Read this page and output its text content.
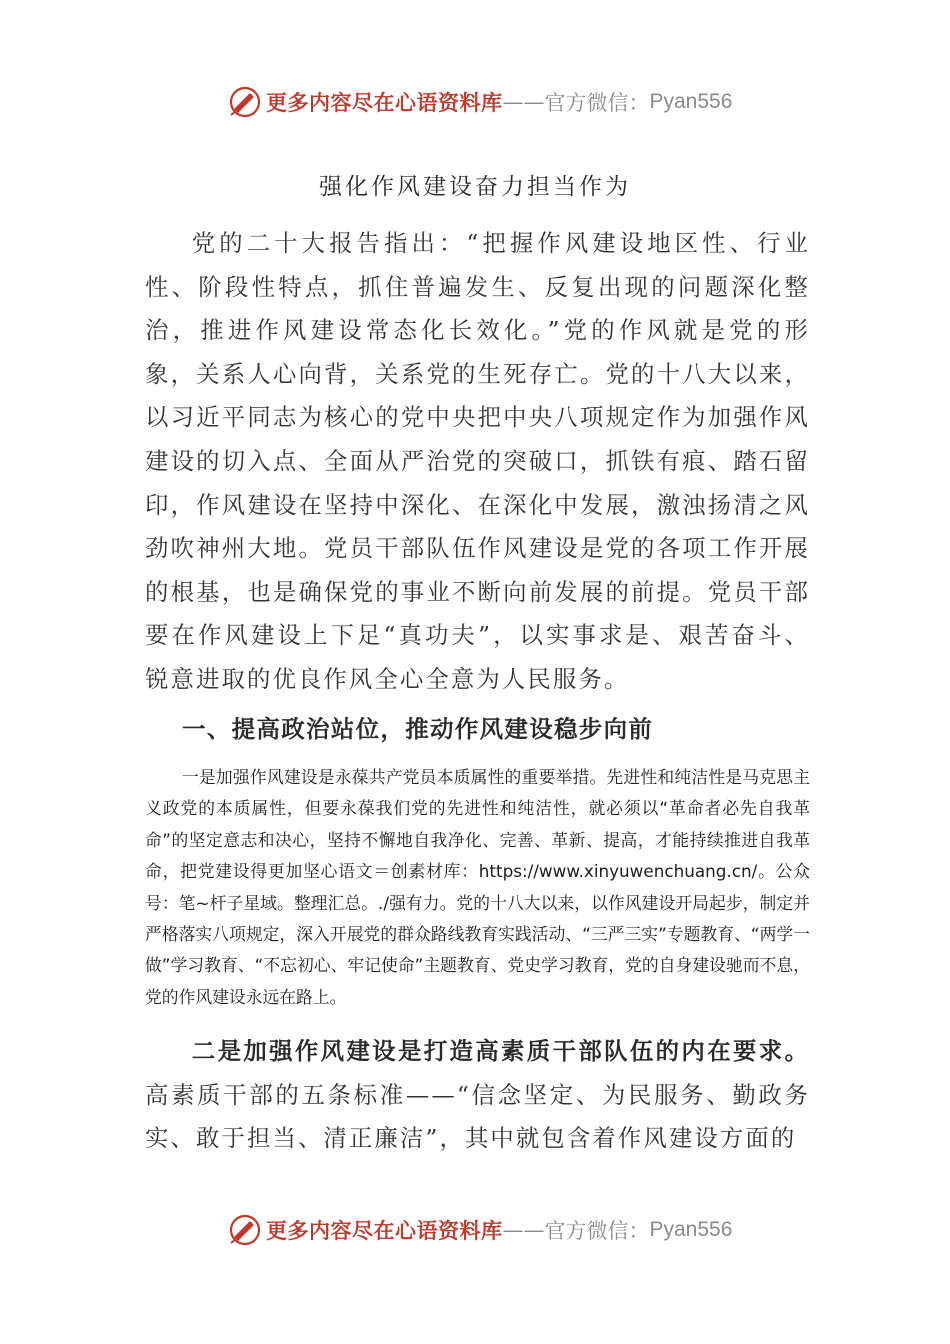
更多内容尽在心语资料库 —— 官方微信： Pyan556
强化作风建设奋力担当作为

党的二十大报告指出：“把握作风建设地区性、行业性、阶段性特点，抓住普遍发生、反复出现的问题深化整治，推进作风建设常态化长效化。”党的作风就是党的形象，关系人心向背，关系党的生死存亡。党的十八大以来，以习近平同志为核心的党中央把中央八项规定作为加强作风建设的切入点、全面从严治党的突破口，抓铁有痕、踏石留印，作风建设在坚持中深化、在深化中发展，激浊扬清之风劲吹神州大地。党员干部队伍作风建设是党的各项工作开展的根基，也是确保党的事业不断向前发展的前提。党员干部要在作风建设上下足“真功夫”，以实事求是、艰苦奋斗、锐意进取的优良作风全心全意为人民服务。

一、提高政治站位，推动作风建设稳步向前

一是加强作风建设是永葆共产党员本质属性的重要举措。先进性和纯洁性是马克思主义政党的本质属性，但要永葆我们党的先进性和纯洁性，就必须以“革命者必先自我革命”的坚定意志和决心，坚持不懈地自我净化、完善、革新、提高，才能持续推进自我革命，把党建设得更加坚心语文＝创素材库：https://www.xinyuwenchuang.cn/。公众号：笔~杆子星域。整理汇总。./强有力。党的十八大以来，以作风建设开局起步，制定并严格落实八项规定，深入开展党的群众路线教育实践活动、“三严三实”专题教育、“两学一做”学习教育、“不忘初心、牢记使命”主题教育、党史学习教育，党的自身建设驰而不息，党的作风建设永远在路上。

二是加强作风建设是打造高素质干部队伍的内在要求。高素质干部的五条标准——“信念坚定、为民服务、勤政务实、敢于担当、清正廉洁”，其中就包含着作风建设方面的

更多内容尽在心语资料库 —— 官方微信： Pyan556
